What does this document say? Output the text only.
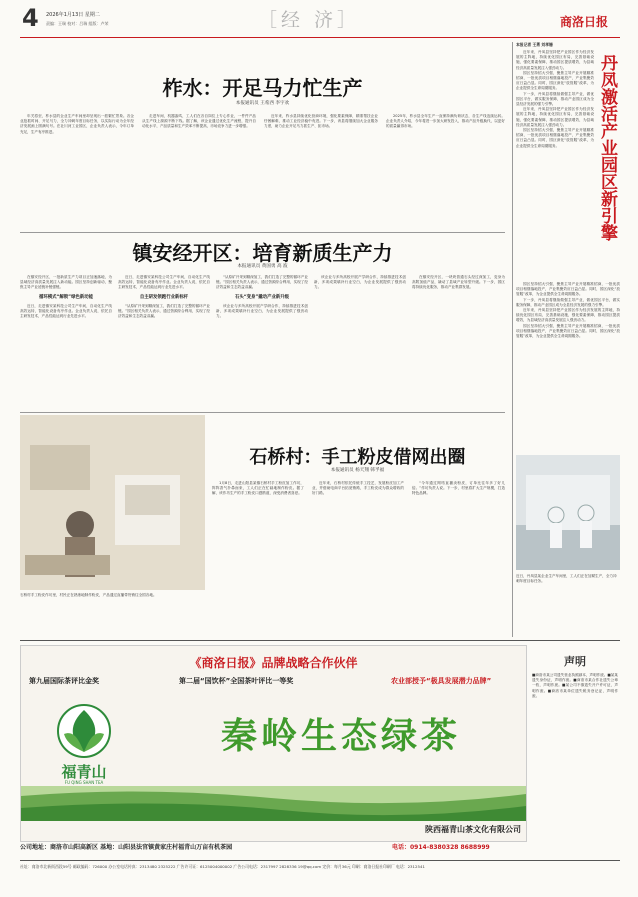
4 2026年1月13日 星期二
责编：王瑞 校对：吕瑞 组版：卢荣	［经 济］	商洛日报
柞水：开足马力忙生产
本报通讯员 王希西 李宇欢

年关将至，柞水县的企业生产车间里却呈现出一派繁忙景象。各企业抢抓时间、开足马力，全力冲刺年度目标任务，以实际行动为全年经济发展画上圆满句号。在社川河工业园区，企业负责人表示，今年订单充足，生产有序推进。

走进车间，机器轰鸣，工人们在各自岗位上专心作业，一件件产品从生产线上源源不断下线。据了解，该企业通过优化生产流程，提升自动化水平，产品质量和生产效率不断提高，市场竞争力进一步增强。

近年来，柞水县持续优化营商环境，强化要素保障，精准帮扶企业纾困解难，推动工业经济稳中有进。下一步，该县将继续加大企业服务力度，助力企业开足马力抓生产、拓市场。

2025年，柞水县全年生产一直保持满负荷状态，各生产线连续运转。企业负责人介绍，今年将进一步加大研发投入，推动产品升级换代，以更好的质量赢得市场。

镇安经开区：培育新质生产力
本报通讯员 黄国勇 高 波

在镇安经开区，一批新质生产力项目正加速落地，为县域经济高质量发展注入新动能。园区坚持创新驱动，聚焦主导产业延链补链强链。

循环模式“解锁”绿色新动能

近日，走进镇安某科技公司生产车间，自动化生产线高效运转，智能化设备有序作业。企业负责人说，依托自主研发技术，产品性能达到行业先进水平。

近日，走进镇安某科技公司生产车间，自动化生产线高效运转，智能化设备有序作业。企业负责人说，依托自主研发技术，产品性能达到行业先进水平。

自主研发领跑行业新标杆

“从原矿开采到精深加工，我们打造了完整的循环产业链。”园区相关负责人表示，通过资源综合利用，实现了经济效益和生态效益双赢。

“从原矿开采到精深加工，我们打造了完整的循环产业链。”园区相关负责人表示，通过资源综合利用，实现了经济效益和生态效益双赢。

石头“变身”撬动产业新升级

该企业与多所高校开展产学研合作，持续推进技术创新，多项成果填补行业空白，为企业发展提供了强劲动力。

该企业与多所高校开展产学研合作，持续推进技术创新，多项成果填补行业空白，为企业发展提供了强劲动力。

在镇安经开区，一块块普通石头经过深加工，变身为高附加值产品，撬动了县域产业转型升级。下一步，园区将持续优化服务，推动产业集群发展。

石桥村手工粉皮作坊里，村民正在熟练地制作粉皮，产品通过直播带货销往全国各地。
石桥村：手工粉皮借网出圈
本报通讯员 杨天翔 韩孚福

1月8日，走进山阳县某镇石桥村手工粉皮加工作坊，阵阵香气扑鼻而来，工人们正在忙碌地制作粉皮。据了解，该作坊生产的手工粉皮口感筋道，深受消费者喜爱。

近年来，石桥村依托传统手工技艺，发展粉皮加工产业，并借助电商平台拓宽销路，手工粉皮成为群众增收的好门路。

“今年通过网络直播卖粉皮，订单比往年多了好几倍。”作坊负责人说。下一步，村里将扩大生产规模，打造特色品牌。

本报记者 王勇 刘孝姗

近年来，丹凤县坚持把产业园区作为经济发展的主阵地，持续优化园区布局，完善基础设施，强化要素保障，推动园区提质增效，为县域经济高质量发展注入强劲动力。

园区坚持招大引强，聚焦主导产业开展精准招商，一批优质项目相继落地投产，产业集聚效应日益凸显。同时，园区深化“放管服”改革，为企业提供全生命周期服务。

下一步，丹凤县将继续做强主导产业，做优园区平台，做实服务保障，推动产业园区成为全县经济发展的强力引擎。

近年来，丹凤县坚持把产业园区作为经济发展的主阵地，持续优化园区布局，完善基础设施，强化要素保障，推动园区提质增效，为县域经济高质量发展注入强劲动力。

园区坚持招大引强，聚焦主导产业开展精准招商，一批优质项目相继落地投产，产业集聚效应日益凸显。同时，园区深化“放管服”改革，为企业提供全生命周期服务。	丹凤激活产业园区新引擎

园区坚持招大引强，聚焦主导产业开展精准招商，一批优质项目相继落地投产，产业集聚效应日益凸显。同时，园区深化“放管服”改革，为企业提供全生命周期服务。

下一步，丹凤县将继续做强主导产业，做优园区平台，做实服务保障，推动产业园区成为全县经济发展的强力引擎。

近年来，丹凤县坚持把产业园区作为经济发展的主阵地，持续优化园区布局，完善基础设施，强化要素保障，推动园区提质增效，为县域经济高质量发展注入强劲动力。

园区坚持招大引强，聚焦主导产业开展精准招商，一批优质项目相继落地投产，产业集聚效应日益凸显。同时，园区深化“放管服”改革，为企业提供全生命周期服务。

近日，丹凤县某企业生产车间里，工人们正在加紧生产，全力冲刺年度目标任务。
《商洛日报》品牌战略合作伙伴
第九届国际茶评比金奖	第二届“国饮杯”全国茶叶评比一等奖	农业部授予“极具发展潜力品牌”
福青山
FU QING SHAN TEA
秦岭生态绿茶
陕西福青山茶文化有限公司
公司地址：商洛市山阳高新区 基地：山阳县法官镇黄家庄村福青山万亩有机茶园	电话：0914-8380328 8688999
声明
■商洛市某公司遗失营业执照副本，声明作废。■某某遗失身份证，声明作废。■商洛市某合作社遗失公章一枚，声明作废。■某公司不慎遗失开户许可证，声明作废。■商洛市某单位遗失税务登记证，声明作废。
社址：商洛市北新街西段59号 邮政编码：726000 办公室电话传真：2313480 2325222 广告许可证：6125004000002 广告公司电话：2317997 2828336 19@qq.com 定价：每月36元 印刷：商洛日报社印刷厂 电话：2312541
